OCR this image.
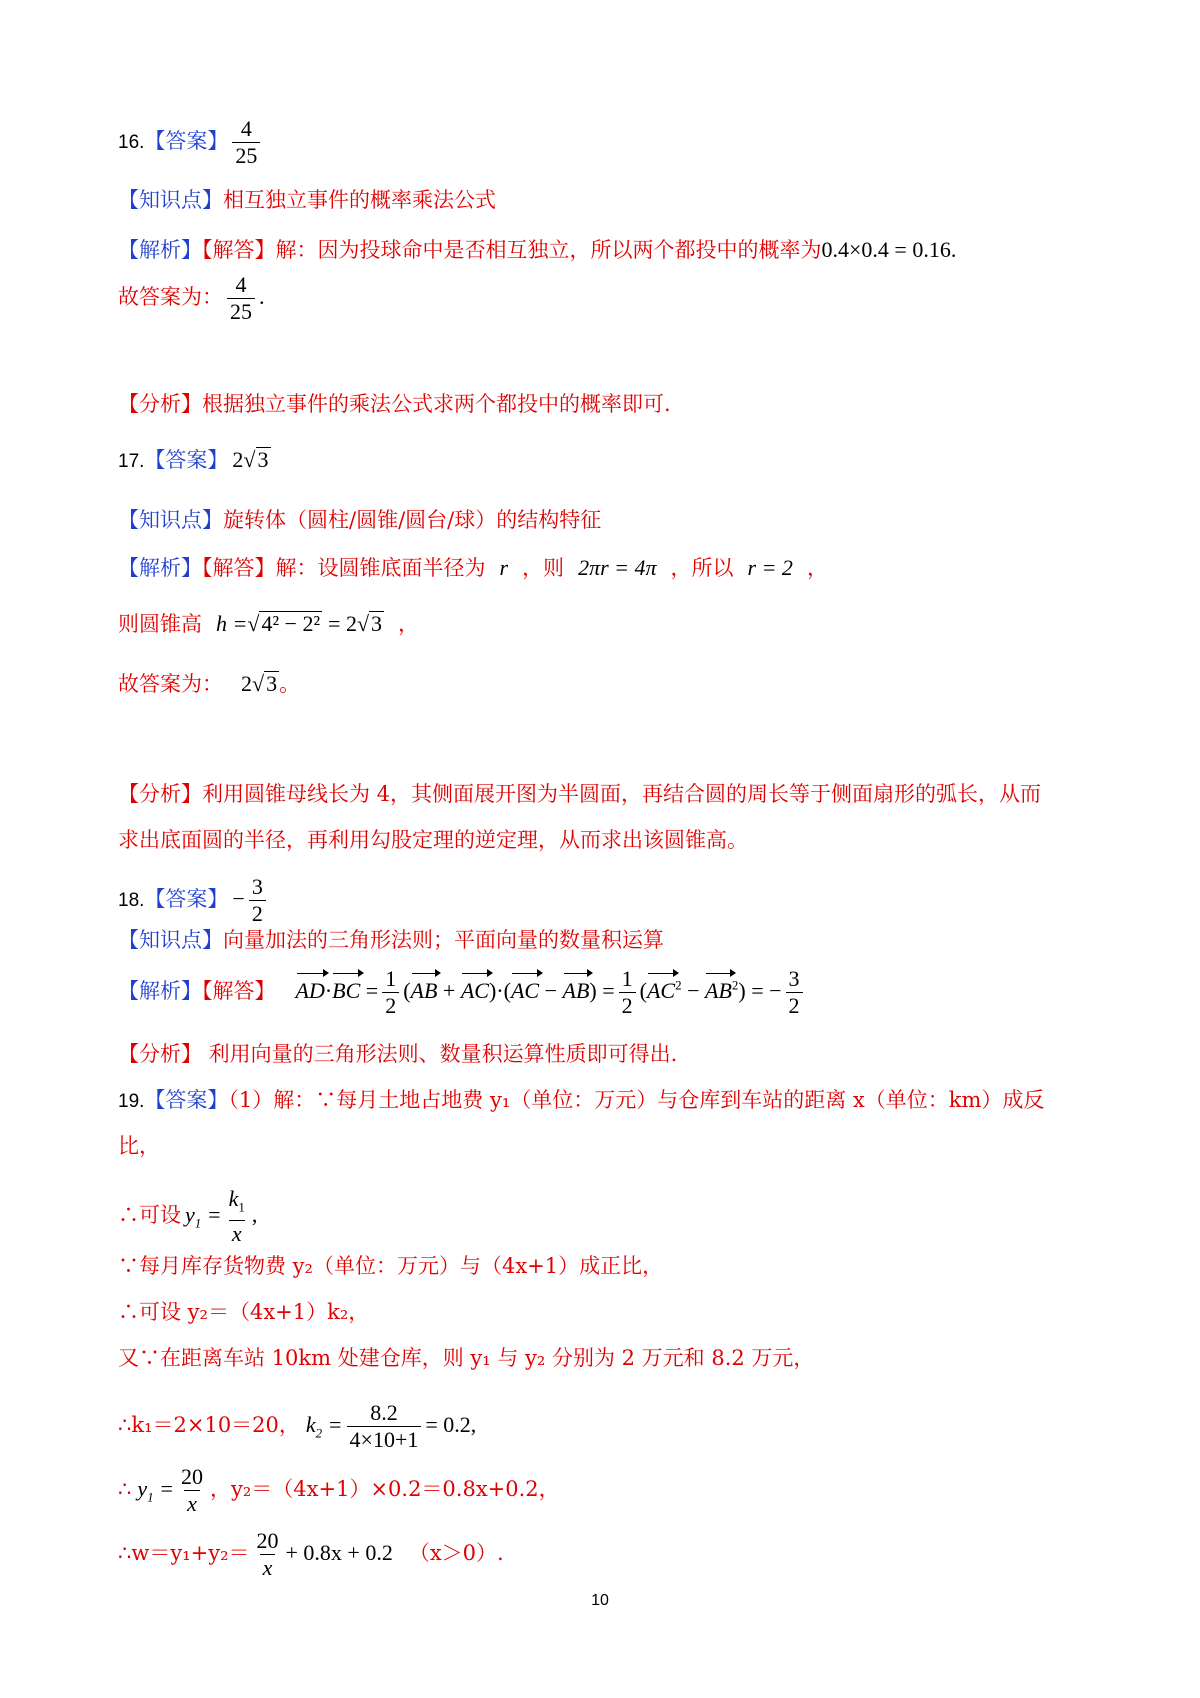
16.【答案】 $\frac{4}{25}$
【知识点】相互独立事件的概率乘法公式
【解析】【解答】解：因为投球命中是否相互独立，所以两个都投中的概率为0.4×0.4 = 0.16.
故答案为： $\frac{4}{25}$ .
【分析】根据独立事件的乘法公式求两个都投中的概率即可.
17.【答案】 2√3
【知识点】旋转体（圆柱/圆锥/圆台/球）的结构特征
【解析】【解答】解：设圆锥底面半径为 r ，则 2πr = 4π ，所以 r = 2 ，
则圆锥高 h =√4² − 2² = 2√3 ，
故答案为： 2√3。
【分析】利用圆锥母线长为 4，其侧面展开图为半圆面，再结合圆的周长等于侧面扇形的弧长，从而
求出底面圆的半径，再利用勾股定理的逆定理，从而求出该圆锥高。
18.【答案】 − $\frac{3}{2}$
【知识点】向量加法的三角形法则；平面向量的数量积运算
【解析】【解答】 $AD\cdot BC = \frac{1}{2} (AB + AC)\cdot(AC - AB) = \frac{1}{2} (AC^2 - AB^2)$ = − $\frac{3}{2}$
【分析】 利用向量的三角形法则、数量积运算性质即可得出.
19.【答案】（1）解：∵每月土地占地费 y₁（单位：万元）与仓库到车站的距离 x（单位：km）成反
比，
∴可设 $y_1 = \frac{k_1}{x}$ ,
∵每月库存货物费 y₂（单位：万元）与（4x+1）成正比，
∴可设 y₂＝（4x+1）k₂，
又∵在距离车站 10km 处建仓库，则 y₁ 与 y₂ 分别为 2 万元和 8.2 万元，
∴k₁＝2×10＝20， $k_2 = \frac{8.2}{4\times 10+1} = 0.2$,
∴ $y_1 = \frac{20}{x}$ ，y₂＝（4x+1）×0.2＝0.8x+0.2，
∴w＝y₁+y₂＝ $\frac{20}{x} + 0.8x + 0.2$ （x＞0）.
10
